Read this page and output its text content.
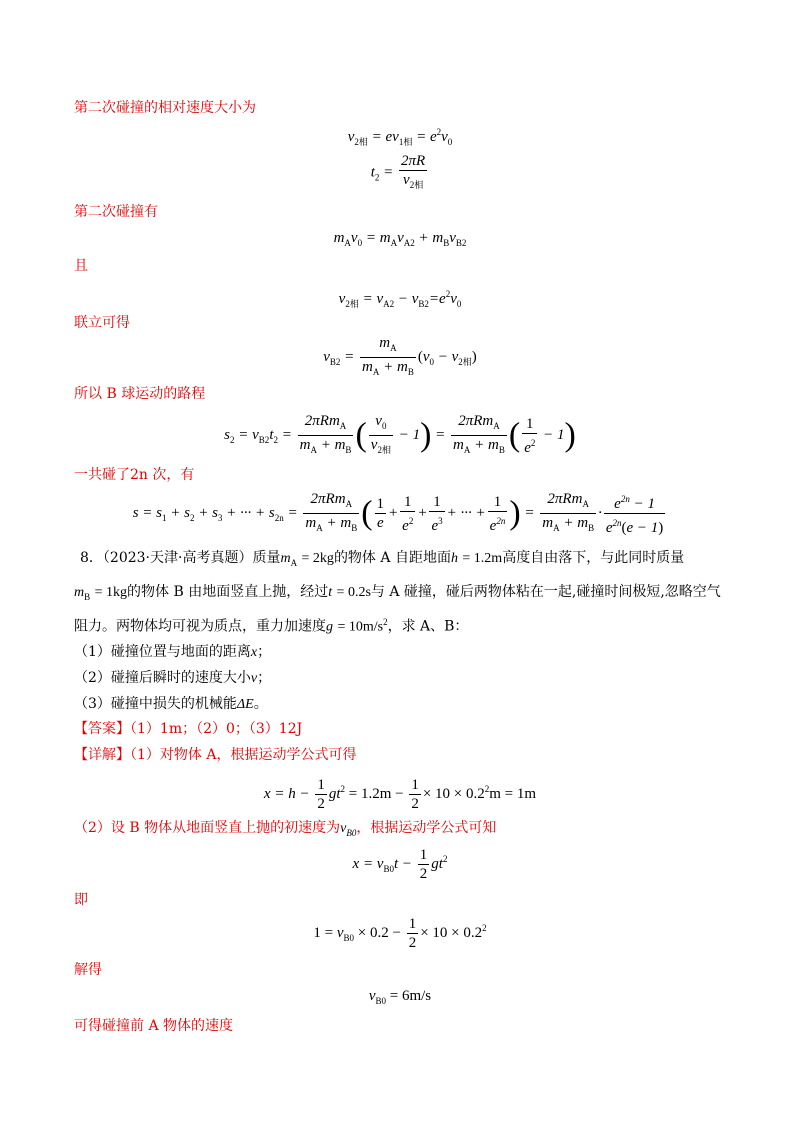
第二次碰撞的相对速度大小为
$v_{2相} = ev_{1相} = e^2v_0$
$t_2 = \frac{2\pi R}{v_{2相}}$
第二次碰撞有
$m_Av_0 = m_Av_{A2} + m_Bv_{B2}$
且
$v_{2相} = v_{A2} - v_{B2}=e^2v_0$
联立可得
$v_{B2} = \frac{m_A}{m_A + m_B} (v_0 - v_{2相})$
所以 B 球运动的路程
$s_2 = v_{B2}t_2 = \frac{2\pi Rm_A}{m_A + m_B}$ ( $\frac{v_0}{v_{2相}} - 1) = \frac{2\pi Rm_A}{m_A + m_B}$ ( $\frac{1}{e^2} - 1$)
一共碰了2n 次，有
$s = s_1 + s_2 + s_3$ + ··· + $s_{2n} = \frac{2\pi Rm_A}{m_A + m_B}$ ( $\frac{1}{e} + \frac{1}{e^2} + \frac{1}{e^3}$ + ··· + $\frac{1}{e^{2n}}$ ) = $\frac{2\pi Rm_A}{m_A + m_B} \cdot \frac{e^{2n} - 1}{e^{2n}(e - 1)}$
8．（2023·天津·高考真题）质量$m_A = 2kg$的物体 A 自距地面h = 1.2m高度自由落下，与此同时质量
$m_B = 1kg$的物体 B 由地面竖直上抛，经过t = 0.2s与 A 碰撞，碰后两物体粘在一起,碰撞时间极短,忽略空气
阻力。两物体均可视为质点，重力加速度$g = 10m/s^2$，求 A、B：
（1）碰撞位置与地面的距离x；
（2）碰撞后瞬时的速度大小v；
（3）碰撞中损失的机械能ΔE。
【答案】（1）1m；（2）0；（3）12J
【详解】（1）对物体 A，根据运动学公式可得
$x = h - \frac{1}{2} gt^2 = 1.2m - \frac{1}{2} \times 10 \times 0.2^2m = 1m$
（2）设 B 物体从地面竖直上抛的初速度为$v_{B0}$，根据运动学公式可知
$x = v_{B0}t - \frac{1}{2} gt^2$
即
$1 = v_{B0} \times 0.2 - \frac{1}{2} \times 10 \times 0.2^2$
解得
$v_{B0} = 6m/s$
可得碰撞前 A 物体的速度
